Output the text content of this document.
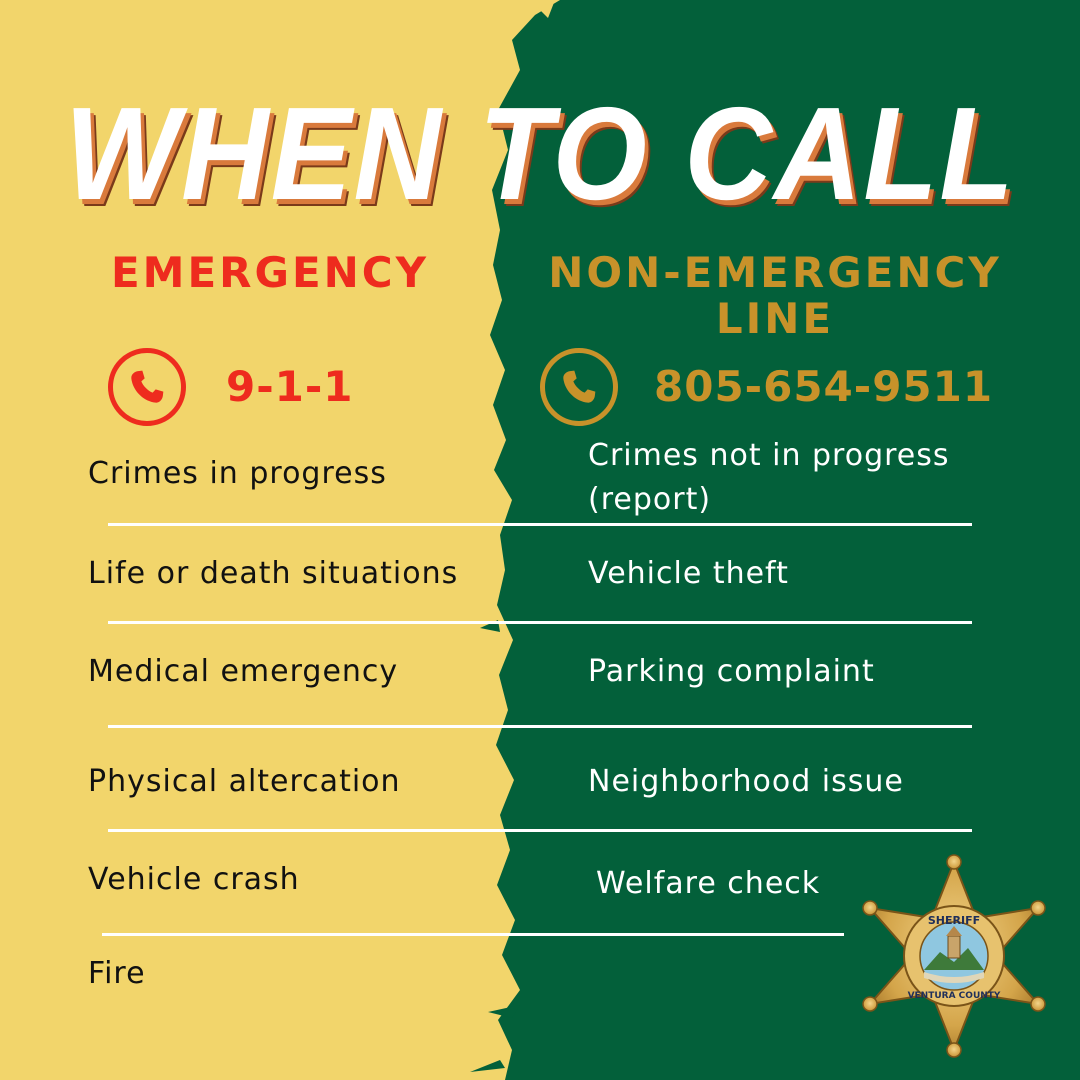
WHEN TO CALL
EMERGENCY	NON-EMERGENCY
LINE
9-1-1	805-654-9511
Crimes in progress
Life or death situations
Medical emergency
Physical altercation
Vehicle crash
Fire
Crimes not in progress
(report)
Vehicle theft
Parking complaint
Neighborhood issue
Welfare check
SHERIFF
VENTURA COUNTY
